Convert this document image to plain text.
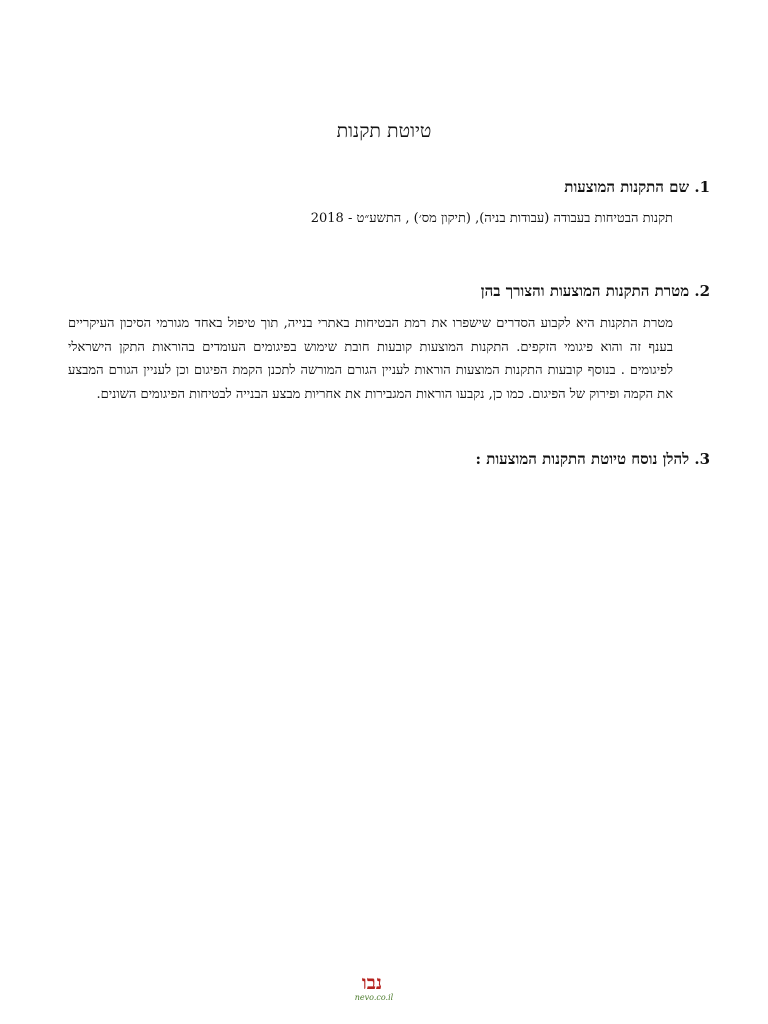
טיוטת תקנות
1. שם התקנות המוצעות

תקנות הבטיחות בעבודה (עבודות בניה), (תיקון מס׳) , התשע״ט - 2018

2. מטרת התקנות המוצעות והצורך בהן

מטרת התקנות היא לקבוע הסדרים שישפרו את רמת הבטיחות באתרי בנייה, תוך טיפול באחד מגורמי הסיכון העיקריים בענף זה והוא פיגומי הזקפים. התקנות המוצעות קובעות חובת שימוש בפיגומים העומדים בהוראות התקן הישראלי לפיגומים . בנוסף קובעות התקנות המוצעות הוראות לעניין הגורם המורשה לתכנן הקמת הפיגום וכן לעניין הגורם המבצע את הקמה ופירוק של הפיגום. כמו כן, נקבעו הוראות המגבירות את אחריות מבצע הבנייה לבטיחות הפיגומים השונים.

3. להלן נוסח טיוטת התקנות המוצעות :
נבו
nevo.co.il
